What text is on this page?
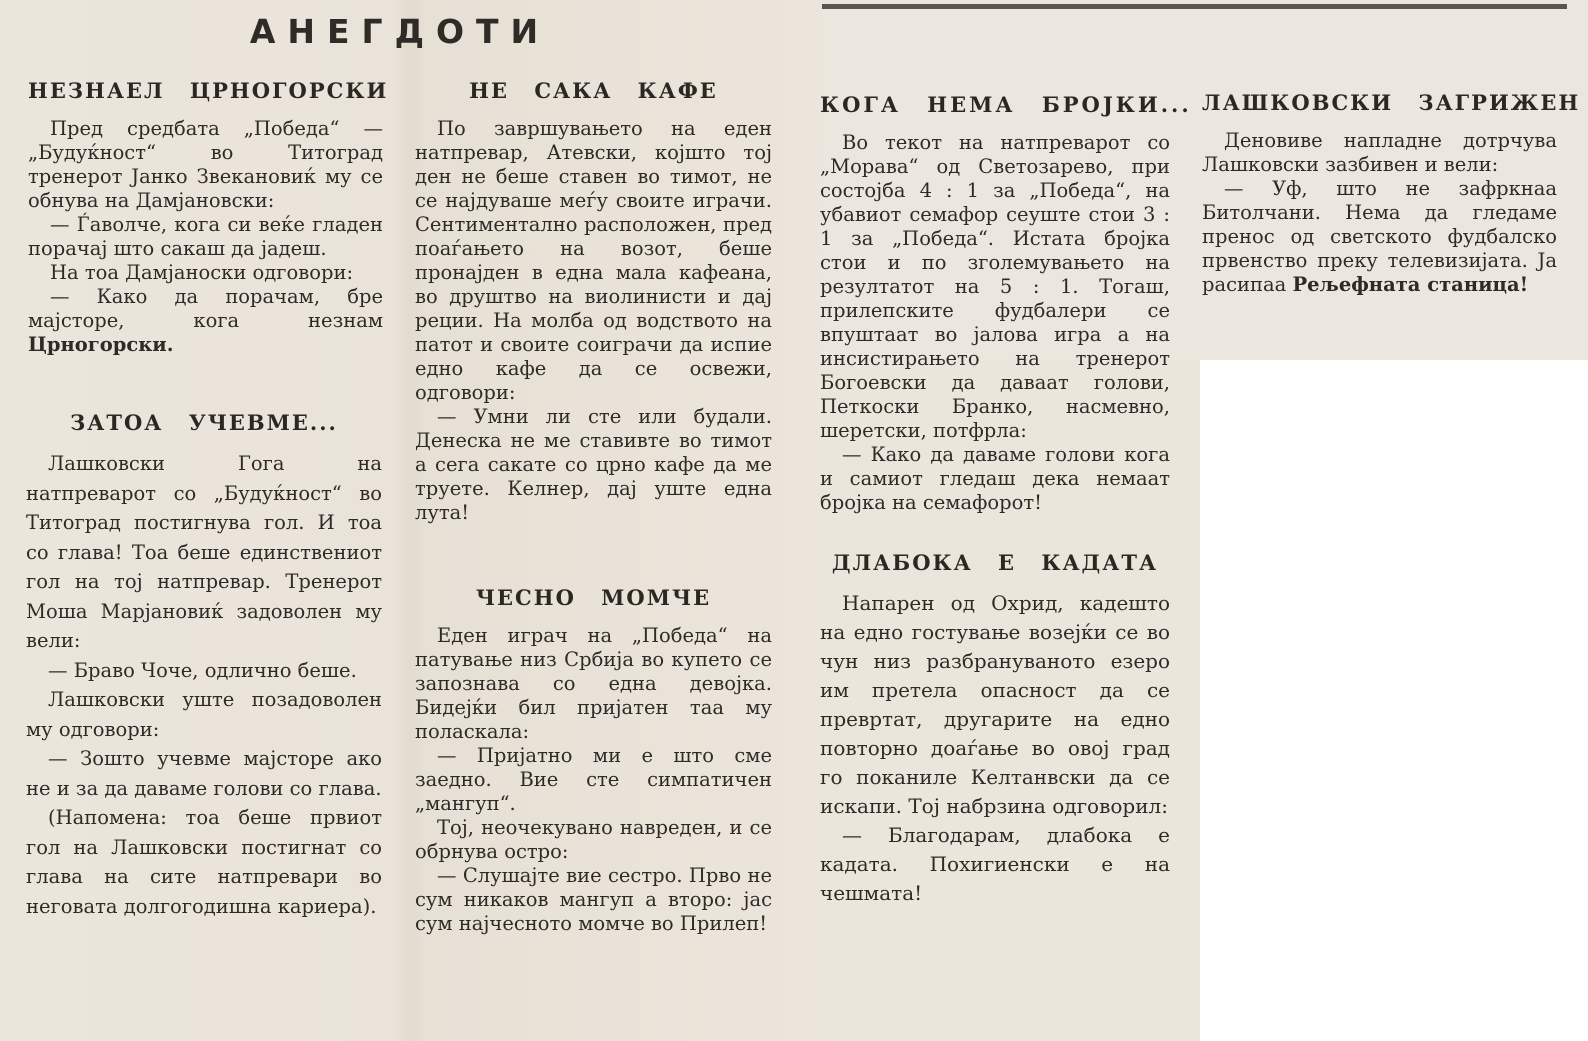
АНЕГДОТИ
НЕЗНАЕЛ ЦРНОГОРСКИ

Пред средбата „Победа“ — „Будуќност“ во Титоград тренерот Јанко Звекановиќ му се обнува на Дамјановски:

— Ѓаволче, кога си веќе гладен порачај што сакаш да јадеш.

На тоа Дамјаноски одговори:

— Како да порачам, бре мајсторе, кога незнам Црногорски.

ЗАТОА УЧЕВМЕ...

Лашковски Гога на натпреварот со „Будуќност“ во Титоград постигнува гол. И тоа со глава! Тоа беше единствениот гол на тој натпревар. Тренерот Моша Марјановиќ задоволен му вели:

— Браво Чоче, одлично беше.

Лашковски уште позадоволен му одговори:

— Зошто учевме мајсторе ако не и за да даваме голови со глава.

(Напомена: тоа беше првиот гол на Лашковски постигнат со глава на сите натпревари во неговата долгогодишна кариера).

НЕ САКА КАФЕ

По завршувањето на еден натпревар, Атевски, којшто тој ден не беше ставен во тимот, не се најдуваше меѓу своите играчи. Сентиментално расположен, пред поаѓањето на возот, беше пронајден в една мала кафеана, во друштво на виолинисти и дај реции. На молба од водството на патот и своите соиграчи да испие едно кафе да се освежи, одговори:

— Умни ли сте или будали. Денеска не ме ставивте во тимот а сега сакате со црно кафе да ме труете. Келнер, дај уште една лута!

ЧЕСНО МОМЧЕ

Еден играч на „Победа“ на патување низ Србија во купето се запознава со една девојка. Бидејќи бил пријатен таа му поласкала:

— Пријатно ми е што сме заедно. Вие сте симпатичен „мангуп“.

Тој, неочекувано навреден, и се обрнува остро:

— Слушајте вие сестро. Прво не сум никаков мангуп а второ: јас сум најчесното момче во Прилеп!

КОГА НЕМА БРОЈКИ...

Во текот на натпреварот со „Морава“ од Светозарево, при состојба 4 : 1 за „Победа“, на убавиот семафор сеуште стои 3 : 1 за „Победа“. Истата бројка стои и по зголемувањето на резултатот на 5 : 1. Тогаш, прилепските фудбалери се впуштаат во јалова игра а на инсистирањето на тренерот Богоевски да даваат голови, Петкоски Бранко, насмевно, шеретски, потфрла:

— Како да даваме голови кога и самиот гледаш дека немаат бројка на семафорот!

ДЛАБОКА Е КАДАТА

Напарен од Охрид, кадешто на едно гостување возејќи се во чун низ разбрануваното езеро им претела опасност да се превртат, другарите на едно повторно доаѓање во овој град го поканиле Келтанвски да се искапи. Тој набрзина одговорил:

— Благодарам, длабока е кадата. Похигиенски е на чешмата!

ЛАШКОВСКИ ЗАГРИЖЕН

Деновиве напладне дотрчува Лашковски зазбивен и вели:

— Уф, што не зафркнаа Битолчани. Нема да гледаме пренос од светското фудбалско првенство преку телевизијата. Ја расипаа Рељефната станица!
